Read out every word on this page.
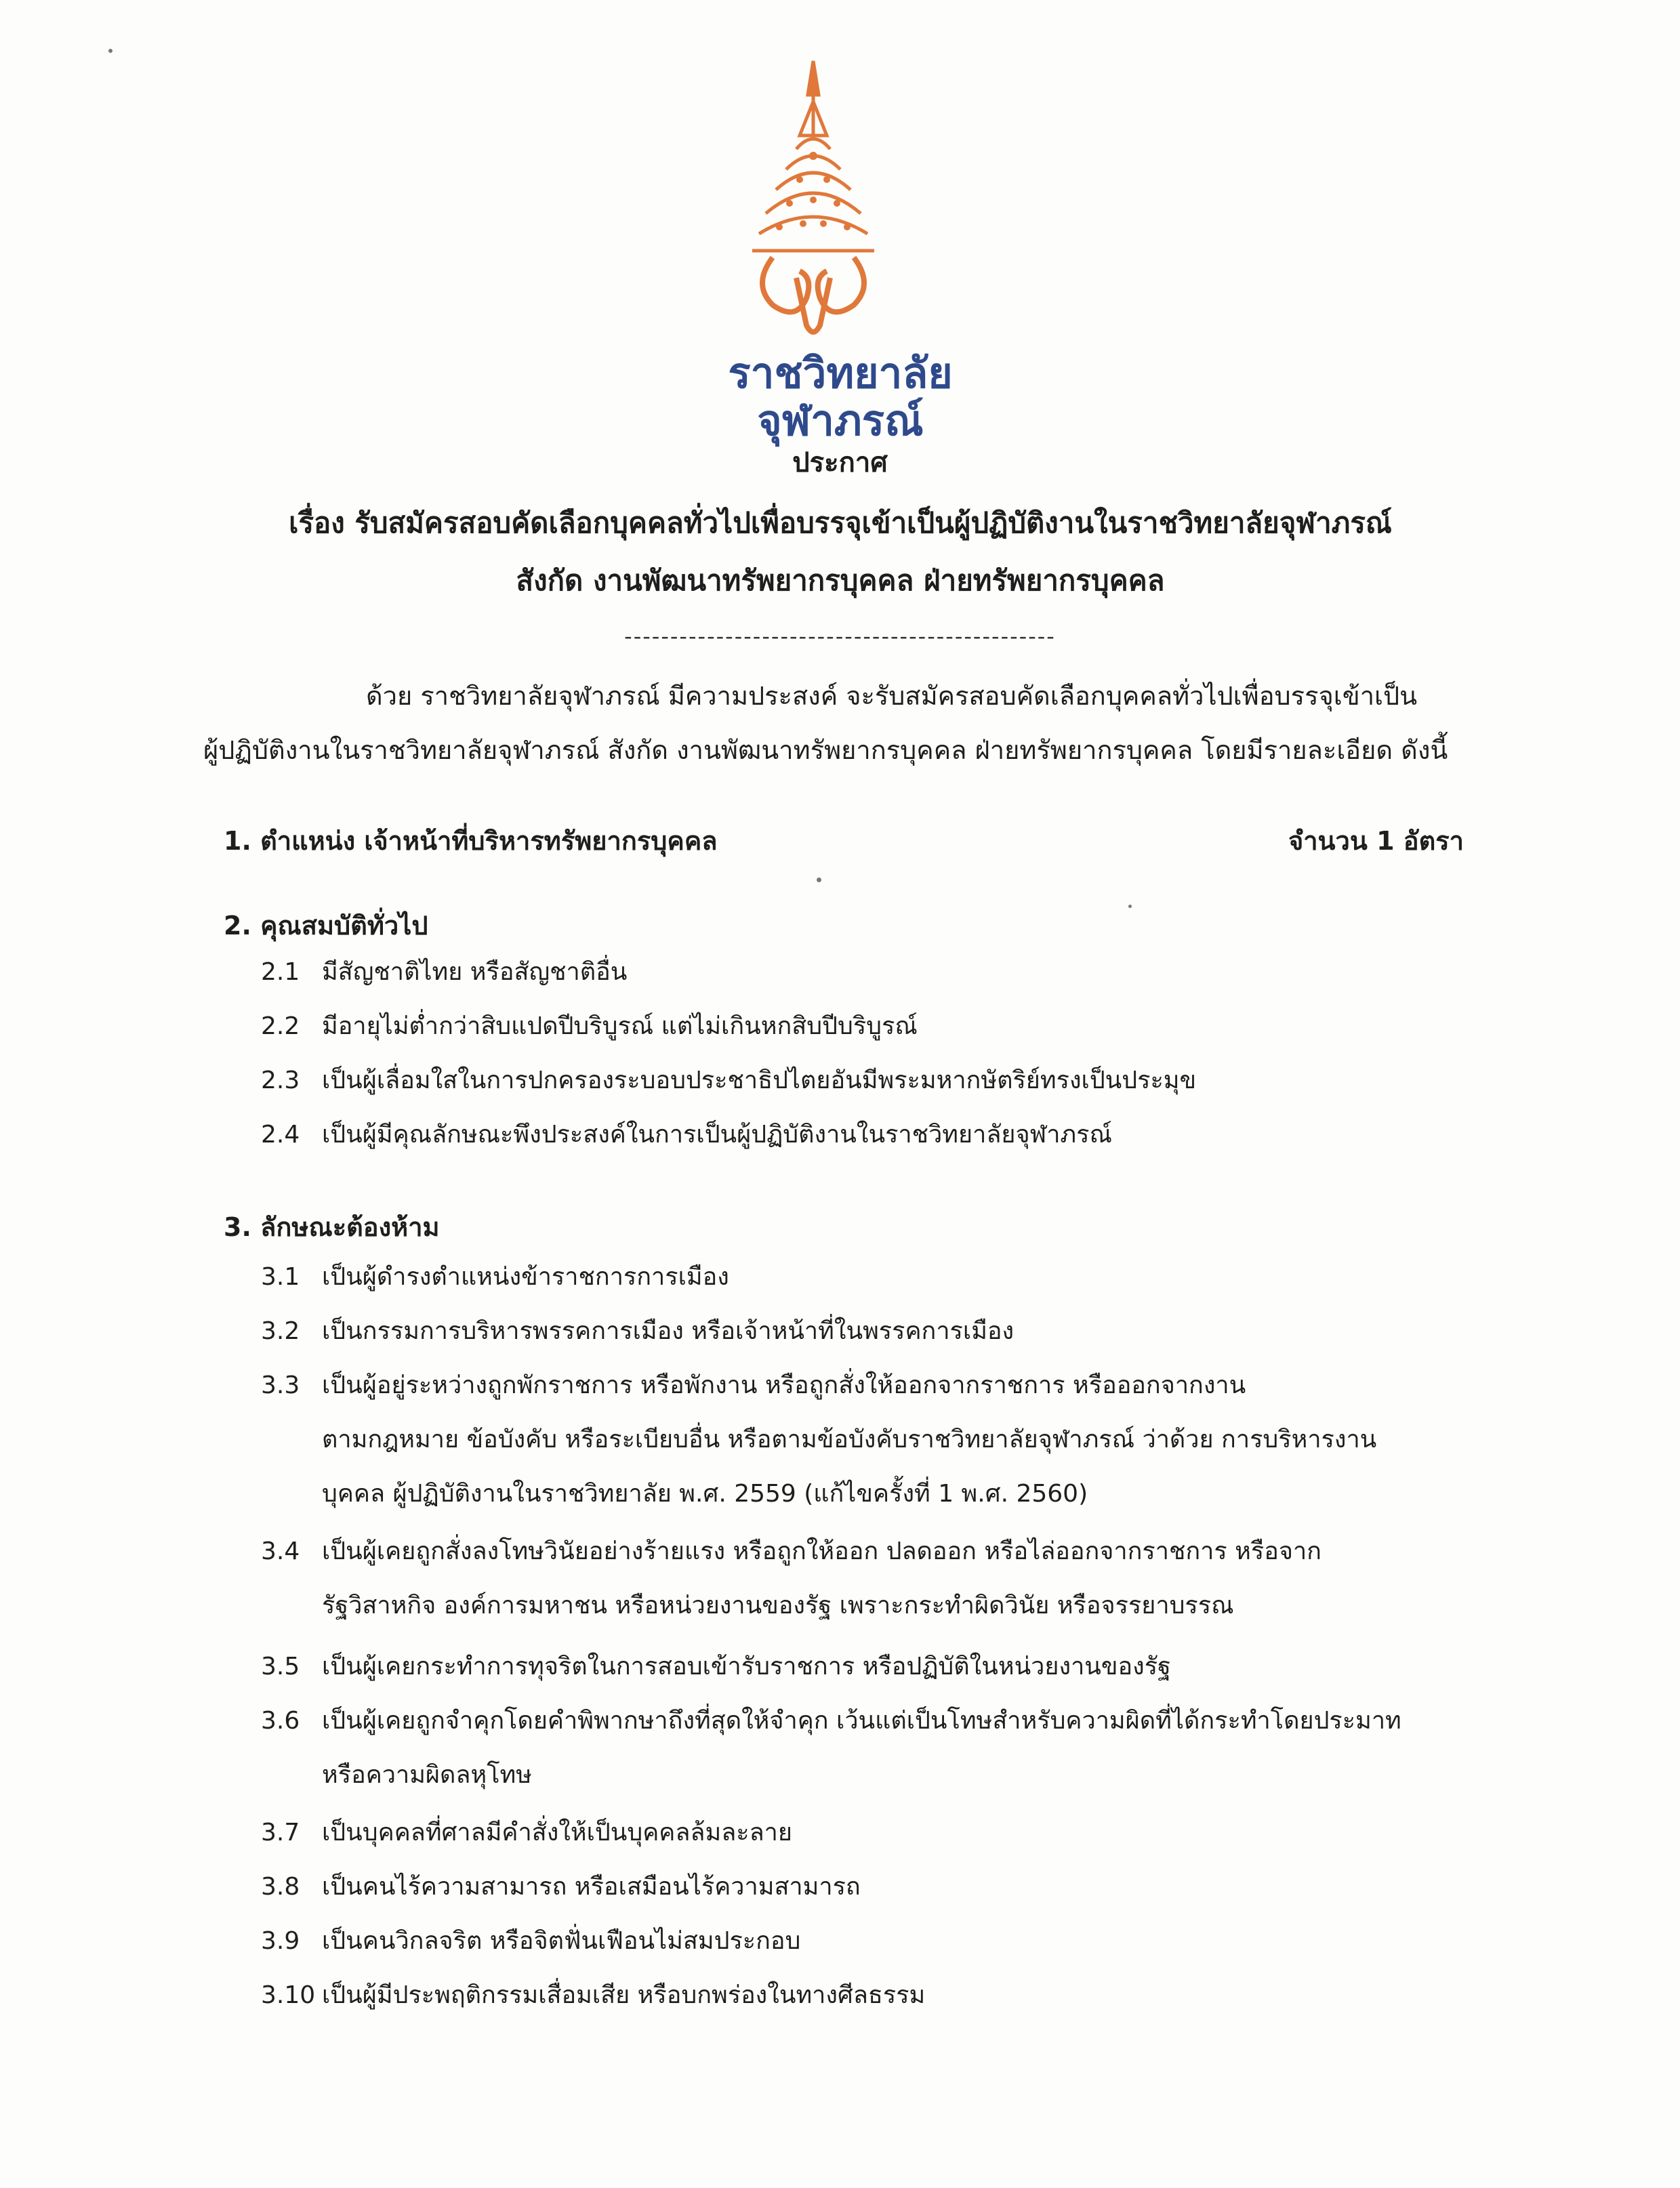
ราชวิทยาลัย
จุฬาภรณ์
ประกาศ
เรื่อง รับสมัครสอบคัดเลือกบุคคลทั่วไปเพื่อบรรจุเข้าเป็นผู้ปฏิบัติงานในราชวิทยาลัยจุฬาภรณ์
สังกัด งานพัฒนาทรัพยากรบุคคล ฝ่ายทรัพยากรบุคคล
-----------------------------------------------
ด้วย ราชวิทยาลัยจุฬาภรณ์ มีความประสงค์ จะรับสมัครสอบคัดเลือกบุคคลทั่วไปเพื่อบรรจุเข้าเป็น
ผู้ปฏิบัติงานในราชวิทยาลัยจุฬาภรณ์ สังกัด งานพัฒนาทรัพยากรบุคคล ฝ่ายทรัพยากรบุคคล โดยมีรายละเอียด ดังนี้
1. ตำแหน่ง เจ้าหน้าที่บริหารทรัพยากรบุคคล	จำนวน 1 อัตรา
2. คุณสมบัติทั่วไป
2.1 มีสัญชาติไทย หรือสัญชาติอื่น
2.2 มีอายุไม่ต่ำกว่าสิบแปดปีบริบูรณ์ แต่ไม่เกินหกสิบปีบริบูรณ์
2.3 เป็นผู้เลื่อมใสในการปกครองระบอบประชาธิปไตยอันมีพระมหากษัตริย์ทรงเป็นประมุข
2.4 เป็นผู้มีคุณลักษณะพึงประสงค์ในการเป็นผู้ปฏิบัติงานในราชวิทยาลัยจุฬาภรณ์
3. ลักษณะต้องห้าม
3.1 เป็นผู้ดำรงตำแหน่งข้าราชการการเมือง
3.2 เป็นกรรมการบริหารพรรคการเมือง หรือเจ้าหน้าที่ในพรรคการเมือง
3.3 เป็นผู้อยู่ระหว่างถูกพักราชการ หรือพักงาน หรือถูกสั่งให้ออกจากราชการ หรือออกจากงาน
ตามกฎหมาย ข้อบังคับ หรือระเบียบอื่น หรือตามข้อบังคับราชวิทยาลัยจุฬาภรณ์ ว่าด้วย การบริหารงาน
บุคคล ผู้ปฏิบัติงานในราชวิทยาลัย พ.ศ. 2559 (แก้ไขครั้งที่ 1 พ.ศ. 2560)
3.4 เป็นผู้เคยถูกสั่งลงโทษวินัยอย่างร้ายแรง หรือถูกให้ออก ปลดออก หรือไล่ออกจากราชการ หรือจาก
รัฐวิสาหกิจ องค์การมหาชน หรือหน่วยงานของรัฐ เพราะกระทำผิดวินัย หรือจรรยาบรรณ
3.5 เป็นผู้เคยกระทำการทุจริตในการสอบเข้ารับราชการ หรือปฏิบัติในหน่วยงานของรัฐ
3.6 เป็นผู้เคยถูกจำคุกโดยคำพิพากษาถึงที่สุดให้จำคุก เว้นแต่เป็นโทษสำหรับความผิดที่ได้กระทำโดยประมาท
หรือความผิดลหุโทษ
3.7 เป็นบุคคลที่ศาลมีคำสั่งให้เป็นบุคคลล้มละลาย
3.8 เป็นคนไร้ความสามารถ หรือเสมือนไร้ความสามารถ
3.9 เป็นคนวิกลจริต หรือจิตฟั่นเฟือนไม่สมประกอบ
3.10 เป็นผู้มีประพฤติกรรมเสื่อมเสีย หรือบกพร่องในทางศีลธรรม
